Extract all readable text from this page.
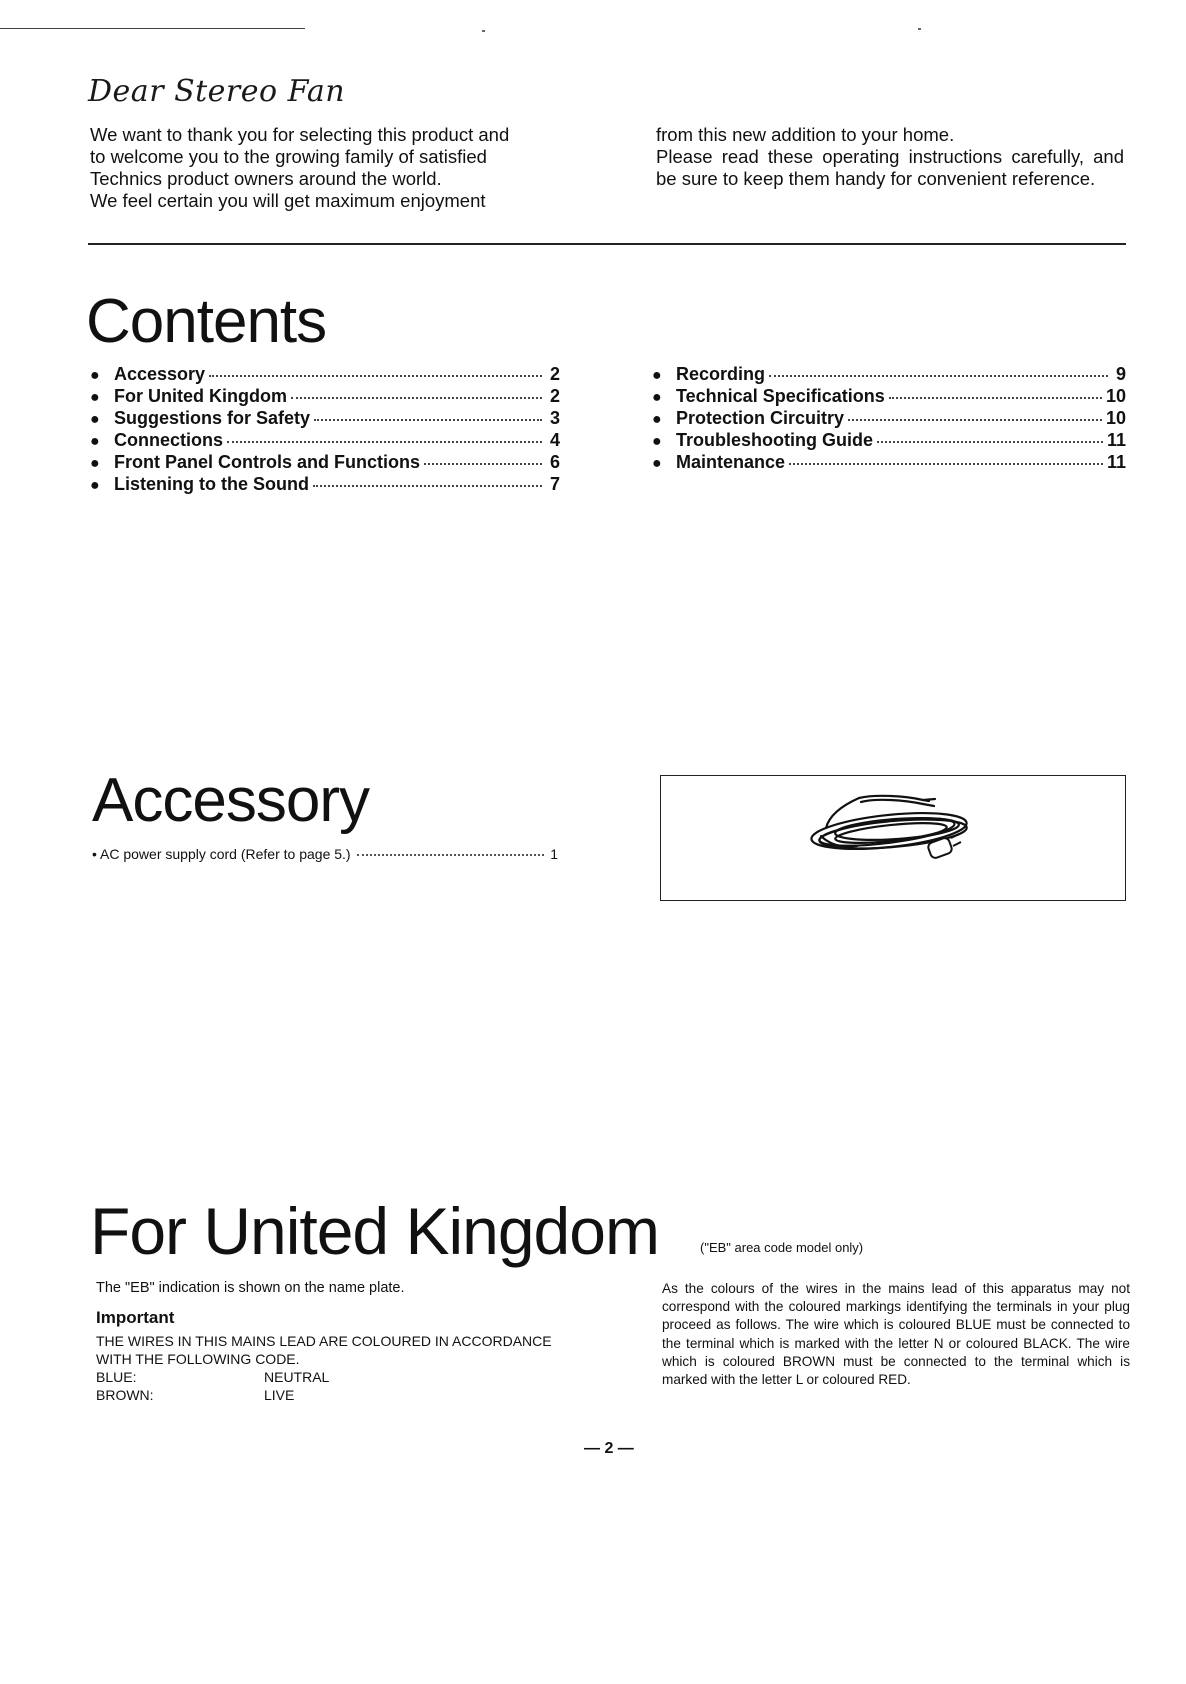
Dear Stereo Fan

We want to thank you for selecting this product and

to welcome you to the growing family of satisfied

Technics product owners around the world.

We feel certain you will get maximum enjoyment

from this new addition to your home.

Please read these operating instructions carefully, and be sure to keep them handy for convenient reference.

Contents
● Accessory	2
● For United Kingdom	2
● Suggestions for Safety	3
● Connections	4
● Front Panel Controls and Functions	6
● Listening to the Sound	7
● Recording	9
● Technical Specifications	10
● Protection Circuitry	10
● Troubleshooting Guide	11
● Maintenance	11
Accessory
• AC power supply cord (Refer to page 5.)	1
For United Kingdom	("EB" area code model only)

The "EB" indication is shown on the name plate.

Important

THE WIRES IN THIS MAINS LEAD ARE COLOURED IN ACCORDANCE WITH THE FOLLOWING CODE.

BLUE:	NEUTRAL
BROWN:	LIVE

As the colours of the wires in the mains lead of this apparatus may not correspond with the coloured markings identifying the terminals in your plug proceed as follows. The wire which is coloured BLUE must be connected to the terminal which is marked with the letter N or coloured BLACK. The wire which is coloured BROWN must be connected to the terminal which is marked with the letter L or coloured RED.

— 2 —
